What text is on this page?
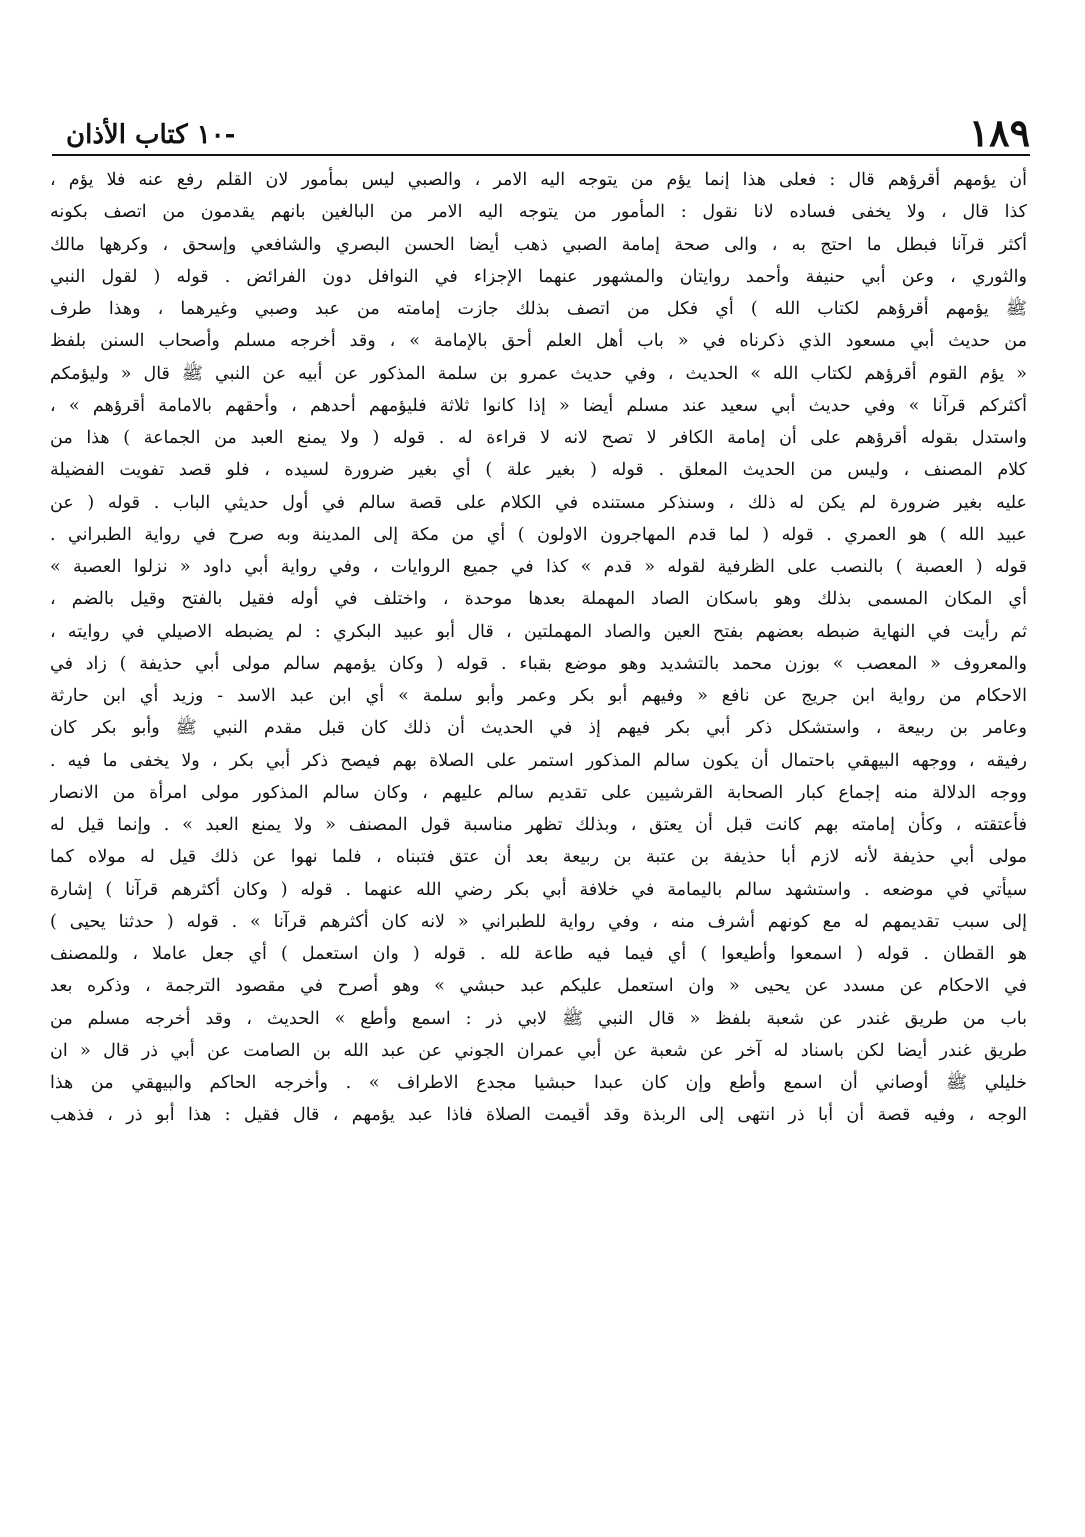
-١٠ كتاب الأذان	١٨٩
أن يؤمهم أقرؤهم قال : فعلى هذا إنما يؤم من يتوجه اليه الامر ، والصبي ليس بمأمور لان القلم رفع عنه فلا يؤم ،
كذا قال ، ولا يخفى فساده لانا نقول : المأمور من يتوجه اليه الامر من البالغين بانهم يقدمون من اتصف بكونه
أكثر قرآنا فبطل ما احتج به ، والى صحة إمامة الصبي ذهب أيضا الحسن البصري والشافعي وإسحق ، وكرهها مالك
والثوري ، وعن أبي حنيفة وأحمد روايتان والمشهور عنهما الإجزاء في النوافل دون الفرائض . قوله ( لقول النبي
ﷺ يؤمهم أقرؤهم لكتاب الله ) أي فكل من اتصف بذلك جازت إمامته من عبد وصبي وغيرهما ، وهذا طرف
من حديث أبي مسعود الذي ذكرناه في « باب أهل العلم أحق بالإمامة » ، وقد أخرجه مسلم وأصحاب السنن بلفظ
« يؤم القوم أقرؤهم لكتاب الله » الحديث ، وفي حديث عمرو بن سلمة المذكور عن أبيه عن النبي ﷺ قال « وليؤمكم
أكثركم قرآنا » وفي حديث أبي سعيد عند مسلم أيضا « إذا كانوا ثلاثة فليؤمهم أحدهم ، وأحقهم بالامامة أقرؤهم » ،
واستدل بقوله أقرؤهم على أن إمامة الكافر لا تصح لانه لا قراءة له . قوله ( ولا يمنع العبد من الجماعة ) هذا من
كلام المصنف ، وليس من الحديث المعلق . قوله ( بغير علة ) أي بغير ضرورة لسيده ، فلو قصد تفويت الفضيلة
عليه بغير ضرورة لم يكن له ذلك ، وسنذكر مستنده في الكلام على قصة سالم في أول حديثي الباب . قوله ( عن
عبيد الله ) هو العمري . قوله ( لما قدم المهاجرون الاولون ) أي من مكة إلى المدينة وبه صرح في رواية الطبراني .
قوله ( العصبة ) بالنصب على الظرفية لقوله « قدم » كذا في جميع الروايات ، وفي رواية أبي داود « نزلوا العصبة »
أي المكان المسمى بذلك وهو باسكان الصاد المهملة بعدها موحدة ، واختلف في أوله فقيل بالفتح وقيل بالضم ،
ثم رأيت في النهاية ضبطه بعضهم بفتح العين والصاد المهملتين ، قال أبو عبيد البكري : لم يضبطه الاصيلي في روايته ،
والمعروف « المعصب » بوزن محمد بالتشديد وهو موضع بقباء . قوله ( وكان يؤمهم سالم مولى أبي حذيفة ) زاد في
الاحكام من رواية ابن جريج عن نافع « وفيهم أبو بكر وعمر وأبو سلمة » أي ابن عبد الاسد - وزيد أي ابن حارثة
وعامر بن ربيعة ، واستشكل ذكر أبي بكر فيهم إذ في الحديث أن ذلك كان قبل مقدم النبي ﷺ وأبو بكر كان
رفيقه ، ووجهه البيهقي باحتمال أن يكون سالم المذكور استمر على الصلاة بهم فيصح ذكر أبي بكر ، ولا يخفى ما فيه .
ووجه الدلالة منه إجماع كبار الصحابة القرشيين على تقديم سالم عليهم ، وكان سالم المذكور مولى امرأة من الانصار
فأعتقته ، وكأن إمامته بهم كانت قبل أن يعتق ، وبذلك تظهر مناسبة قول المصنف « ولا يمنع العبد » . وإنما قيل له
مولى أبي حذيفة لأنه لازم أبا حذيفة بن عتبة بن ربيعة بعد أن عتق فتبناه ، فلما نهوا عن ذلك قيل له مولاه كما
سيأتي في موضعه . واستشهد سالم باليمامة في خلافة أبي بكر رضي الله عنهما . قوله ( وكان أكثرهم قرآنا ) إشارة
إلى سبب تقديمهم له مع كونهم أشرف منه ، وفي رواية للطبراني « لانه كان أكثرهم قرآنا » . قوله ( حدثنا يحيى )
هو القطان . قوله ( اسمعوا وأطيعوا ) أي فيما فيه طاعة لله . قوله ( وان استعمل ) أي جعل عاملا ، وللمصنف
في الاحكام عن مسدد عن يحيى « وان استعمل عليكم عبد حبشي » وهو أصرح في مقصود الترجمة ، وذكره بعد
باب من طريق غندر عن شعبة بلفظ « قال النبي ﷺ لابي ذر : اسمع وأطع » الحديث ، وقد أخرجه مسلم من
طريق غندر أيضا لكن باسناد له آخر عن شعبة عن أبي عمران الجوني عن عبد الله بن الصامت عن أبي ذر قال « ان
خليلي ﷺ أوصاني أن اسمع وأطع وإن كان عبدا حبشيا مجدع الاطراف » . وأخرجه الحاكم والبيهقي من هذا
الوجه ، وفيه قصة أن أبا ذر انتهى إلى الربذة وقد أقيمت الصلاة فاذا عبد يؤمهم ، قال فقيل : هذا أبو ذر ، فذهب
